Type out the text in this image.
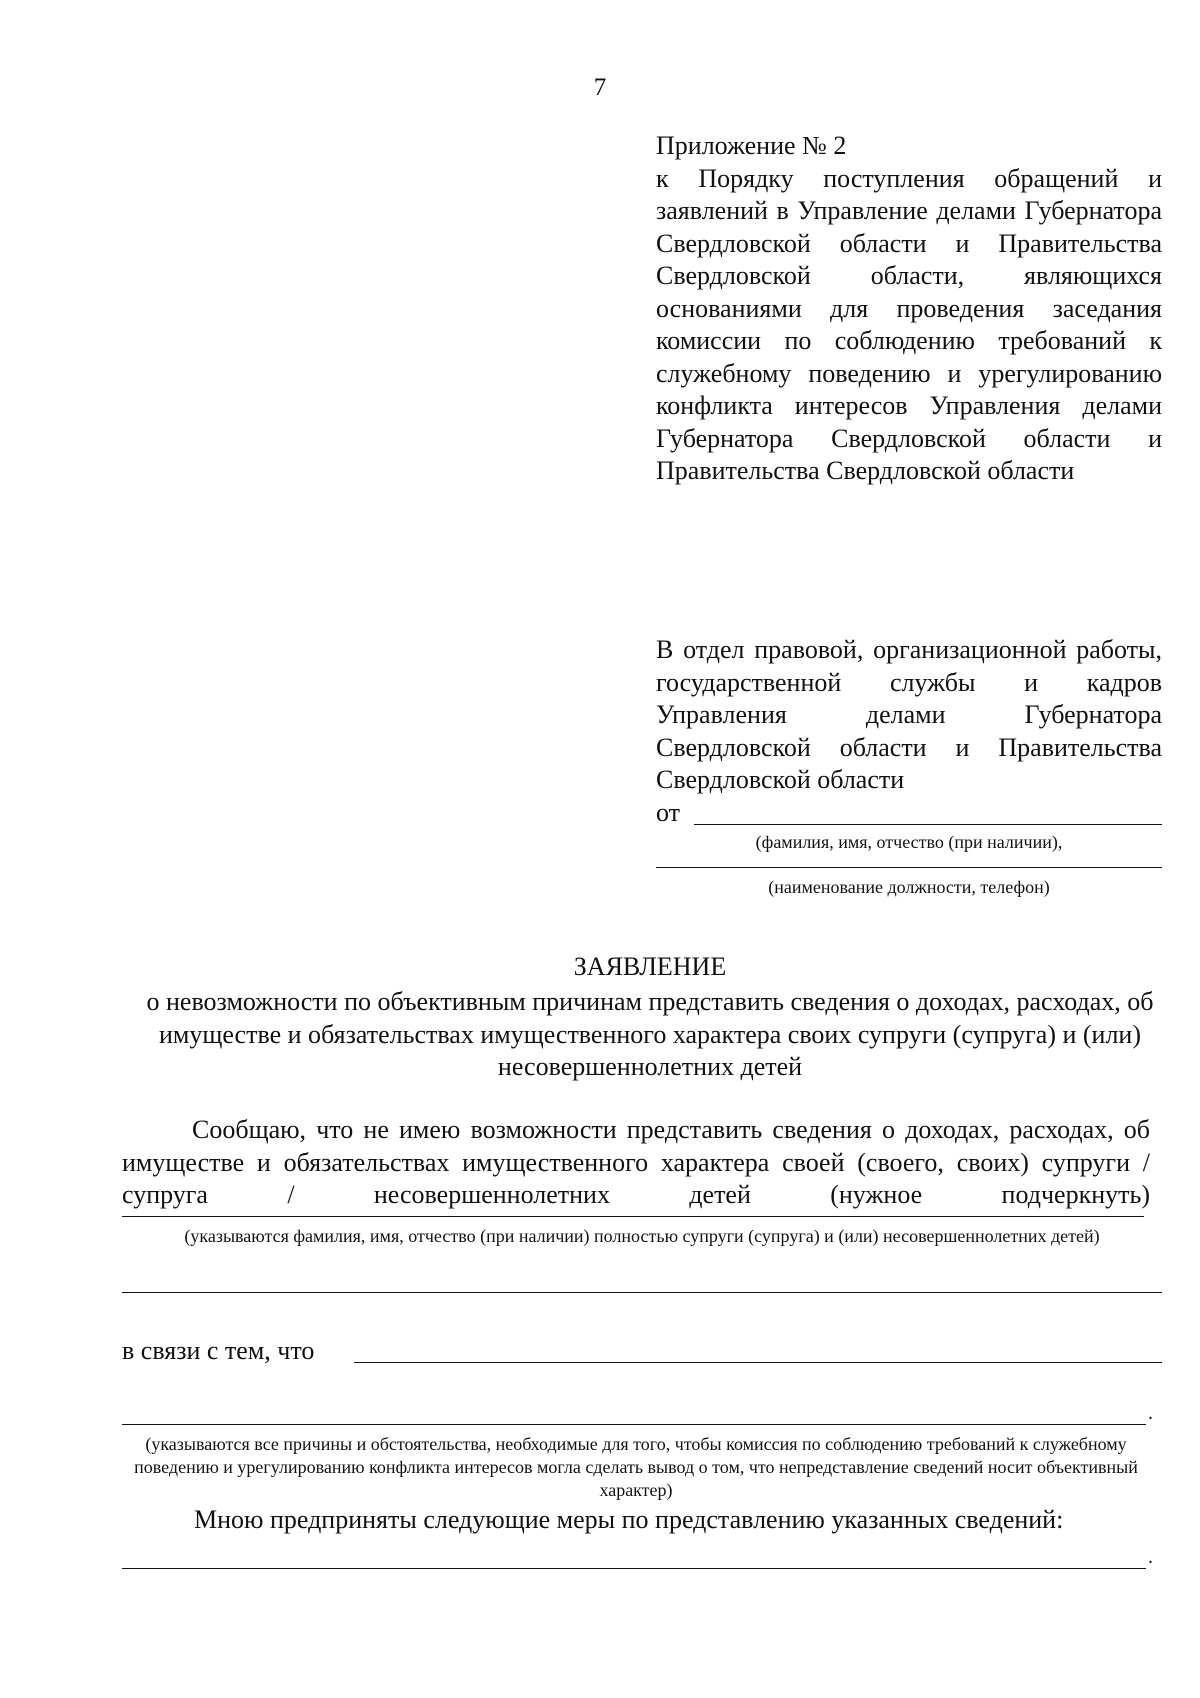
7
Приложение № 2
к Порядку поступления обращений и заявлений в Управление делами Губернатора Свердловской области и Правительства Свердловской области, являющихся основаниями для проведения заседания комиссии по соблюдению требований к служебному поведению и урегулированию конфликта интересов Управления делами Губернатора Свердловской области и Правительства Свердловской области
В отдел правовой, организационной работы, государственной службы и кадров Управления делами Губернатора Свердловской области и Правительства Свердловской области
от
(фамилия, имя, отчество (при наличии),
(наименование должности, телефон)
ЗАЯВЛЕНИЕ
о невозможности по объективным причинам представить сведения о доходах, расходах, об имуществе и обязательствах имущественного характера своих супруги (супруга) и (или) несовершеннолетних детей
Сообщаю, что не имею возможности представить сведения о доходах, расходах, об имуществе и обязательствах имущественного характера своей (своего, своих) супруги / супруга / несовершеннолетних детей (нужное подчеркнуть)
(указываются фамилия, имя, отчество (при наличии) полностью супруги (супруга) и (или) несовершеннолетних детей)
в связи с тем, что
.
(указываются все причины и обстоятельства, необходимые для того, чтобы комиссия по соблюдению требований к служебному поведению и урегулированию конфликта интересов могла сделать вывод о том, что непредставление сведений носит объективный характер)
Мною предприняты следующие меры по представлению указанных сведений:
.
